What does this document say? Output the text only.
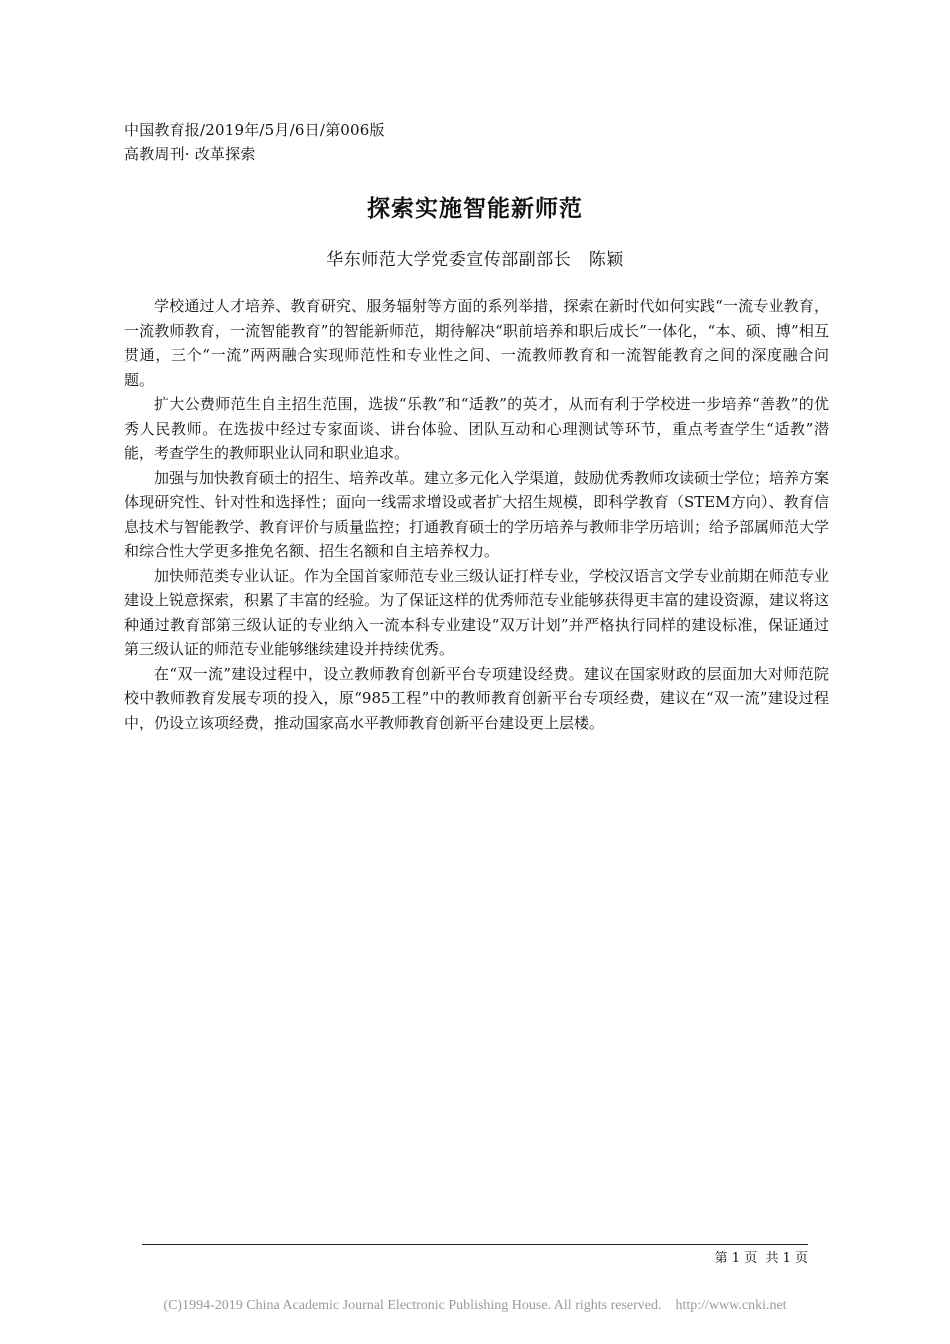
中国教育报/2019年/5月/6日/第006版
高教周刊· 改革探索
探索实施智能新师范
华东师范大学党委宣传部副部长　陈颖

学校通过人才培养、教育研究、服务辐射等方面的系列举措，探索在新时代如何实践“一流专业教育，一流教师教育，一流智能教育”的智能新师范，期待解决“职前培养和职后成长”一体化，“本、硕、博”相互贯通，三个“一流”两两融合实现师范性和专业性之间、一流教师教育和一流智能教育之间的深度融合问题。

扩大公费师范生自主招生范围，选拔“乐教”和“适教”的英才，从而有利于学校进一步培养“善教”的优秀人民教师。在选拔中经过专家面谈、讲台体验、团队互动和心理测试等环节，重点考查学生“适教”潜能，考查学生的教师职业认同和职业追求。

加强与加快教育硕士的招生、培养改革。建立多元化入学渠道，鼓励优秀教师攻读硕士学位；培养方案体现研究性、针对性和选择性；面向一线需求增设或者扩大招生规模，即科学教育（STEM方向）、教育信息技术与智能教学、教育评价与质量监控；打通教育硕士的学历培养与教师非学历培训；给予部属师范大学和综合性大学更多推免名额、招生名额和自主培养权力。

加快师范类专业认证。作为全国首家师范专业三级认证打样专业，学校汉语言文学专业前期在师范专业建设上锐意探索，积累了丰富的经验。为了保证这样的优秀师范专业能够获得更丰富的建设资源，建议将这种通过教育部第三级认证的专业纳入一流本科专业建设“双万计划”并严格执行同样的建设标准，保证通过第三级认证的师范专业能够继续建设并持续优秀。

在“双一流”建设过程中，设立教师教育创新平台专项建设经费。建议在国家财政的层面加大对师范院校中教师教育发展专项的投入，原“985工程”中的教师教育创新平台专项经费，建议在“双一流”建设过程中，仍设立该项经费，推动国家高水平教师教育创新平台建设更上层楼。

第 1 页  共 1 页
(C)1994-2019 China Academic Journal Electronic Publishing House. All rights reserved.    http://www.cnki.net
